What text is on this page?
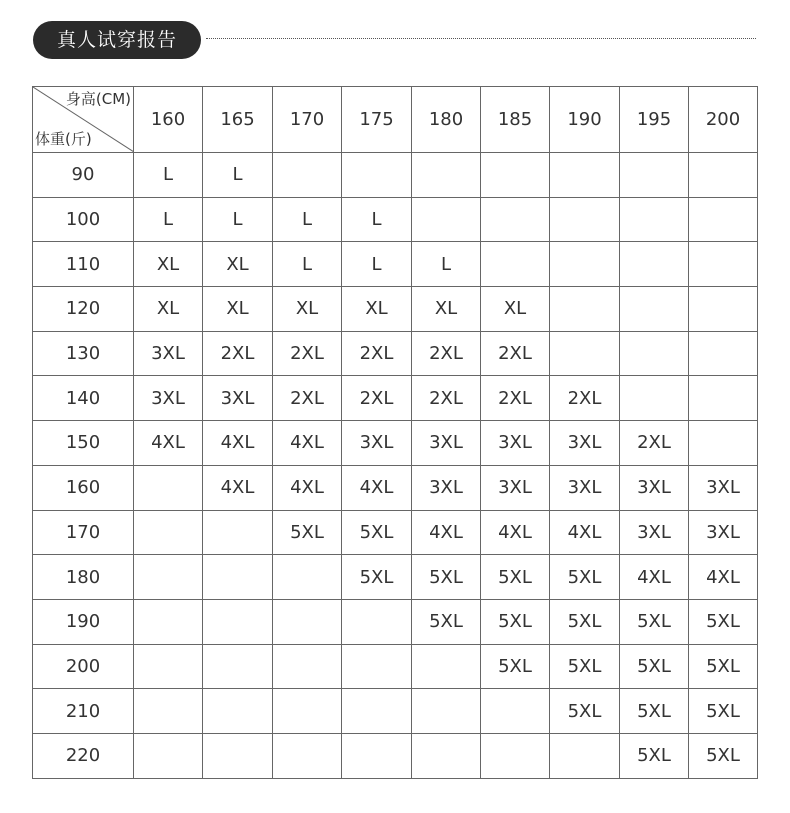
真人试穿报告
身高(CM)
体重(斤)	160	165	170	175	180	185	190	195	200
90	L	L							
100	L	L	L	L					
110	XL	XL	L	L	L				
120	XL	XL	XL	XL	XL	XL			
130	3XL	2XL	2XL	2XL	2XL	2XL			
140	3XL	3XL	2XL	2XL	2XL	2XL	2XL		
150	4XL	4XL	4XL	3XL	3XL	3XL	3XL	2XL	
160		4XL	4XL	4XL	3XL	3XL	3XL	3XL	3XL
170			5XL	5XL	4XL	4XL	4XL	3XL	3XL
180				5XL	5XL	5XL	5XL	4XL	4XL
190					5XL	5XL	5XL	5XL	5XL
200						5XL	5XL	5XL	5XL
210							5XL	5XL	5XL
220								5XL	5XL
